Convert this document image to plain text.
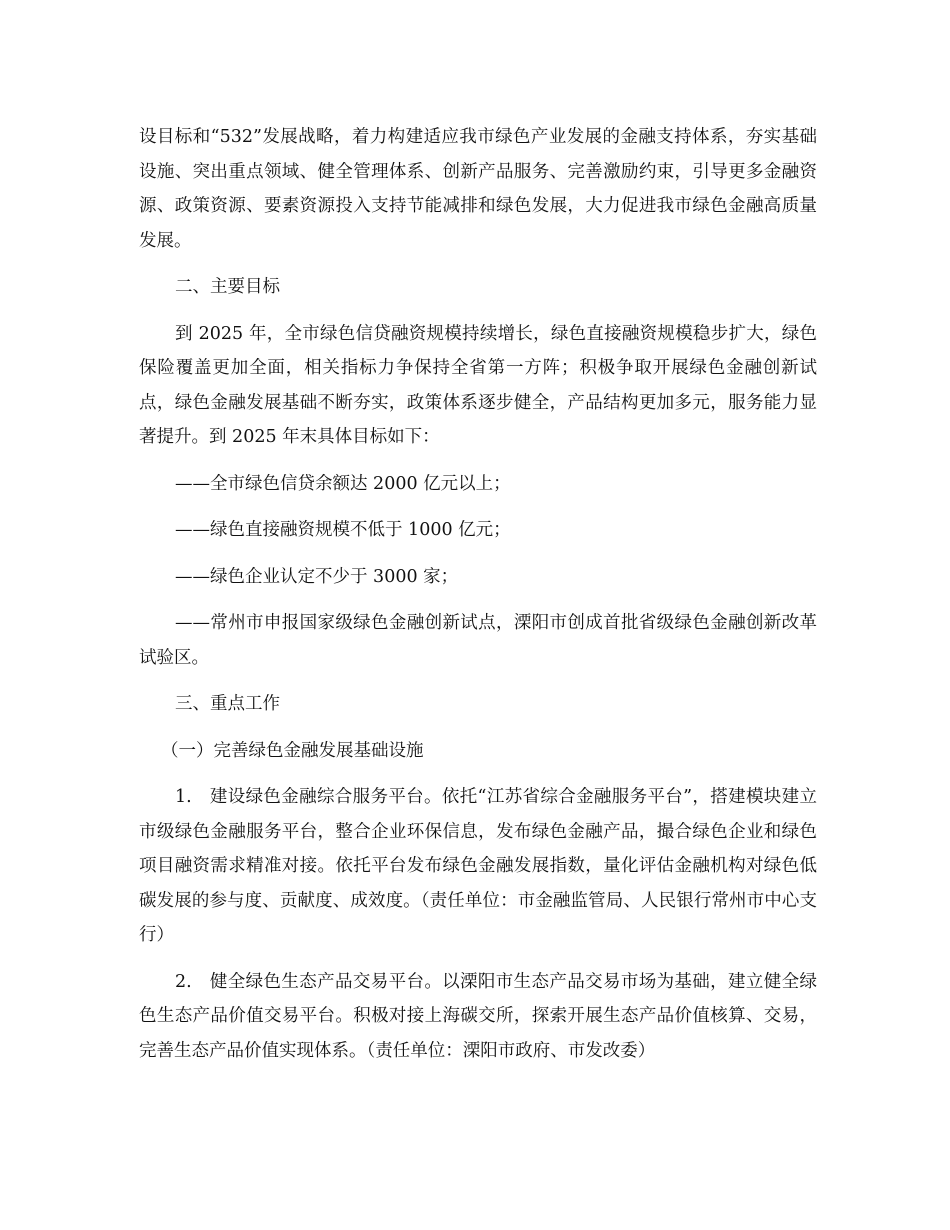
设目标和“532”发展战略，着力构建适应我市绿色产业发展的金融支持体系，夯实基础设施、突出重点领域、健全管理体系、创新产品服务、完善激励约束，引导更多金融资源、政策资源、要素资源投入支持节能减排和绿色发展，大力促进我市绿色金融高质量发展。

二、主要目标

到 2025 年，全市绿色信贷融资规模持续增长，绿色直接融资规模稳步扩大，绿色保险覆盖更加全面，相关指标力争保持全省第一方阵；积极争取开展绿色金融创新试点，绿色金融发展基础不断夯实，政策体系逐步健全，产品结构更加多元，服务能力显著提升。到 2025 年末具体目标如下：

——全市绿色信贷余额达 2000 亿元以上；

——绿色直接融资规模不低于 1000 亿元；

——绿色企业认定不少于 3000 家；

——常州市申报国家级绿色金融创新试点，溧阳市创成首批省级绿色金融创新改革试验区。

三、重点工作

（一）完善绿色金融发展基础设施

1.　建设绿色金融综合服务平台。依托“江苏省综合金融服务平台”，搭建模块建立市级绿色金融服务平台，整合企业环保信息，发布绿色金融产品，撮合绿色企业和绿色项目融资需求精准对接。依托平台发布绿色金融发展指数，量化评估金融机构对绿色低碳发展的参与度、贡献度、成效度。（责任单位：市金融监管局、人民银行常州市中心支行）

2.　健全绿色生态产品交易平台。以溧阳市生态产品交易市场为基础，建立健全绿色生态产品价值交易平台。积极对接上海碳交所，探索开展生态产品价值核算、交易，完善生态产品价值实现体系。（责任单位：溧阳市政府、市发改委）
